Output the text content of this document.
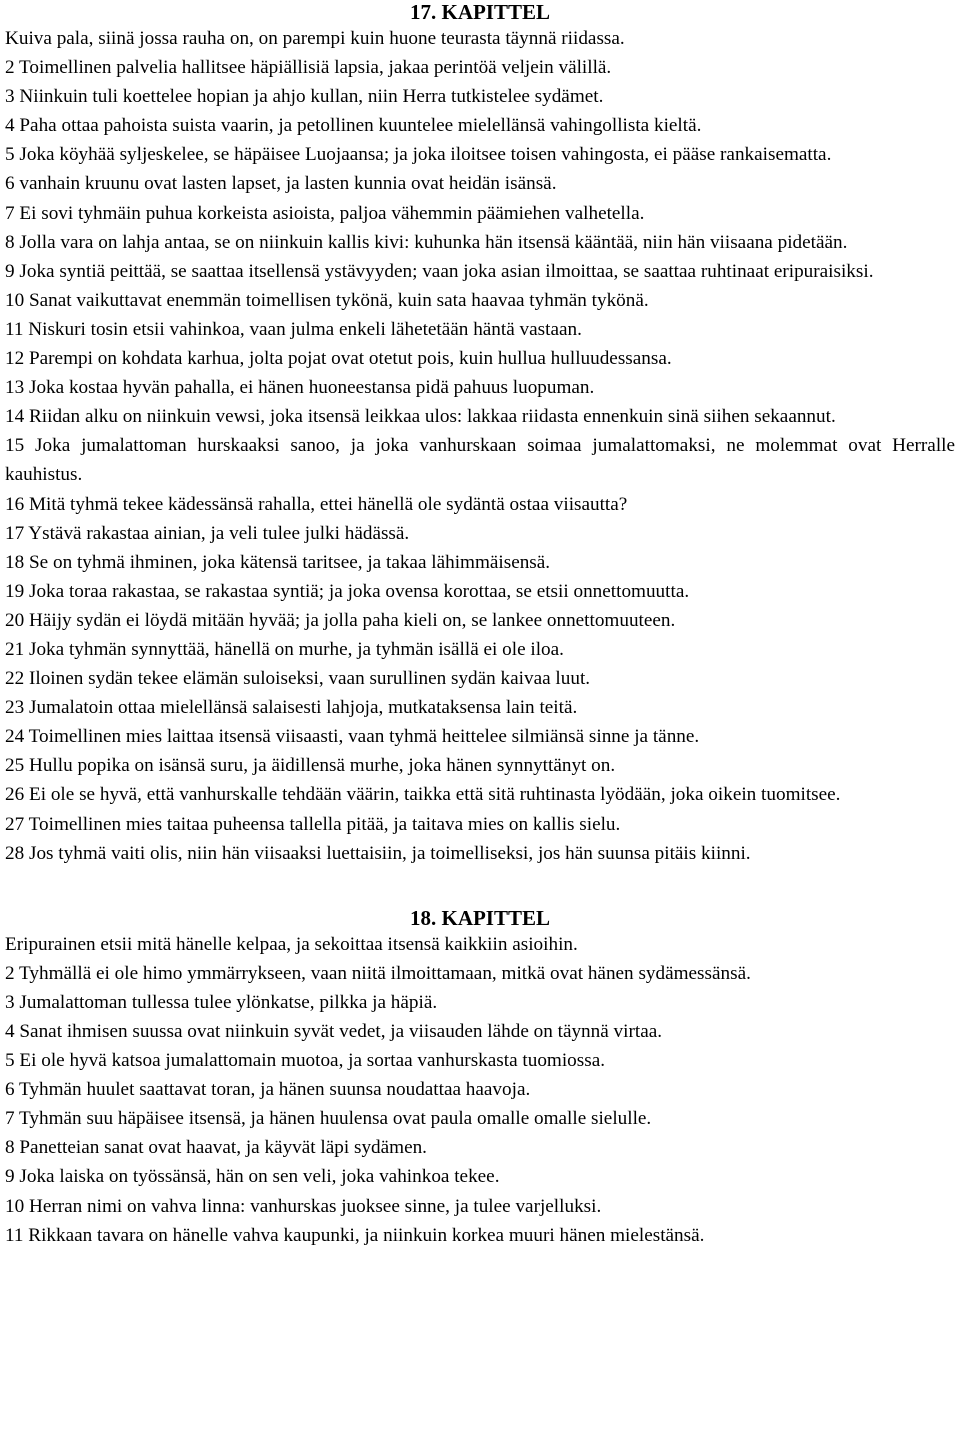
17. KAPITTEL

Kuiva pala, siinä jossa rauha on, on parempi kuin huone teurasta täynnä riidassa.

2 Toimellinen palvelia hallitsee häpiällisiä lapsia, jakaa perintöä veljein välillä.

3 Niinkuin tuli koettelee hopian ja ahjo kullan, niin Herra tutkistelee sydämet.

4 Paha ottaa pahoista suista vaarin, ja petollinen kuuntelee mielellänsä vahingollista kieltä.

5 Joka köyhää syljeskelee, se häpäisee Luojaansa; ja joka iloitsee toisen vahingosta, ei pääse rankaisematta.

6 vanhain kruunu ovat lasten lapset, ja lasten kunnia ovat heidän isänsä.

7 Ei sovi tyhmäin puhua korkeista asioista, paljoa vähemmin päämiehen valhetella.

8 Jolla vara on lahja antaa, se on niinkuin kallis kivi: kuhunka hän itsensä kääntää, niin hän viisaana pidetään.

9 Joka syntiä peittää, se saattaa itsellensä ystävyyden; vaan joka asian ilmoittaa, se saattaa ruhtinaat eripuraisiksi.

10 Sanat vaikuttavat enemmän toimellisen tykönä, kuin sata haavaa tyhmän tykönä.

11 Niskuri tosin etsii vahinkoa, vaan julma enkeli lähetetään häntä vastaan.

12 Parempi on kohdata karhua, jolta pojat ovat otetut pois, kuin hullua hulluudessansa.

13 Joka kostaa hyvän pahalla, ei hänen huoneestansa pidä pahuus luopuman.

14 Riidan alku on niinkuin vewsi, joka itsensä leikkaa ulos: lakkaa riidasta ennenkuin sinä siihen sekaannut.

15 Joka jumalattoman hurskaaksi sanoo, ja joka vanhurskaan soimaa jumalattomaksi, ne molemmat ovat Herralle kauhistus.

16 Mitä tyhmä tekee kädessänsä rahalla, ettei hänellä ole sydäntä ostaa viisautta?

17 Ystävä rakastaa ainian, ja veli tulee julki hädässä.

18 Se on tyhmä ihminen, joka kätensä taritsee, ja takaa lähimmäisensä.

19 Joka toraa rakastaa, se rakastaa syntiä; ja joka ovensa korottaa, se etsii onnettomuutta.

20 Häijy sydän ei löydä mitään hyvää; ja jolla paha kieli on, se lankee onnettomuuteen.

21 Joka tyhmän synnyttää, hänellä on murhe, ja tyhmän isällä ei ole iloa.

22 Iloinen sydän tekee elämän suloiseksi, vaan surullinen sydän kaivaa luut.

23 Jumalatoin ottaa mielellänsä salaisesti lahjoja, mutkataksensa lain teitä.

24 Toimellinen mies laittaa itsensä viisaasti, vaan tyhmä heittelee silmiänsä sinne ja tänne.

25 Hullu popika on isänsä suru, ja äidillensä murhe, joka hänen synnyttänyt on.

26 Ei ole se hyvä, että vanhurskalle tehdään väärin, taikka että sitä ruhtinasta lyödään, joka oikein tuomitsee.

27 Toimellinen mies taitaa puheensa tallella pitää, ja taitava mies on kallis sielu.

28 Jos tyhmä vaiti olis, niin hän viisaaksi luettaisiin, ja toimelliseksi, jos hän suunsa pitäis kiinni.

18. KAPITTEL

Eripurainen etsii mitä hänelle kelpaa, ja sekoittaa itsensä kaikkiin asioihin.

2 Tyhmällä ei ole himo ymmärrykseen, vaan niitä ilmoittamaan, mitkä ovat hänen sydämessänsä.

3 Jumalattoman tullessa tulee ylönkatse, pilkka ja häpiä.

4 Sanat ihmisen suussa ovat niinkuin syvät vedet, ja viisauden lähde on täynnä virtaa.

5 Ei ole hyvä katsoa jumalattomain muotoa, ja sortaa vanhurskasta tuomiossa.

6 Tyhmän huulet saattavat toran, ja hänen suunsa noudattaa haavoja.

7 Tyhmän suu häpäisee itsensä, ja hänen huulensa ovat paula omalle omalle sielulle.

8 Panetteian sanat ovat haavat, ja käyvät läpi sydämen.

9 Joka laiska on työssänsä, hän on sen veli, joka vahinkoa tekee.

10 Herran nimi on vahva linna: vanhurskas juoksee sinne, ja tulee varjelluksi.

11 Rikkaan tavara on hänelle vahva kaupunki, ja niinkuin korkea muuri hänen mielestänsä.
